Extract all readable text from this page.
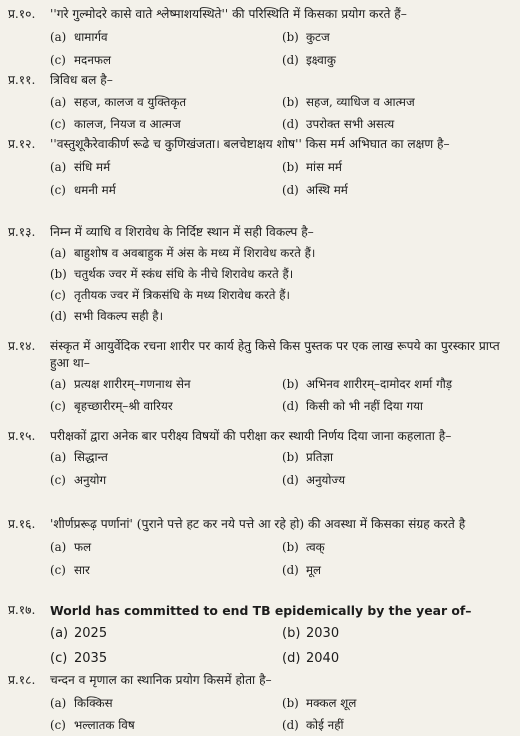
प्र.१०.	''गरे गुल्मोदरे कासे वाते श्लेष्माशयस्थिते'' की परिस्थिति में किसका प्रयोग करते हैं–
(a) धामार्गव	(b) कुटज
(c) मदनफल	(d) इक्ष्वाकु
प्र.११.	त्रिविध बल है–
(a) सहज, कालज व युक्तिकृत	(b) सहज, व्याधिज व आत्मज
(c) कालज, नियज व आत्मज	(d) उपरोक्त सभी असत्य
प्र.१२.	''वस्तुशूकैरेवाकीर्ण रूढे च कुणिखंजता। बलचेष्टाक्षय शोष'' किस मर्म अभिघात का लक्षण है–
(a) संधि मर्म	(b) मांस मर्म
(c) धमनी मर्म	(d) अस्थि मर्म
प्र.१३.	निम्न में व्याधि व शिरावेध के निर्दिष्ट स्थान में सही विकल्प है–
(a) बाहुशोष व अवबाहुक में अंस के मध्य में शिरावेध करते हैं।
(b) चतुर्थक ज्वर में स्कंध संधि के नीचे शिरावेध करते हैं।
(c) तृतीयक ज्वर में त्रिकसंधि के मध्य शिरावेध करते हैं।
(d) सभी विकल्प सही है।
प्र.१४.	संस्कृत में आयुर्वेदिक रचना शारीर पर कार्य हेतु किसे किस पुस्तक पर एक लाख रूपये का पुरस्कार प्राप्त हुआ था–
(a) प्रत्यक्ष शारीरम्–गणनाथ सेन	(b) अभिनव शारीरम्–दामोदर शर्मा गौड़
(c) बृहच्छारीरम्–श्री वारियर	(d) किसी को भी नहीं दिया गया
प्र.१५.	परीक्षकों द्वारा अनेक बार परीक्ष्य विषयों की परीक्षा कर स्थायी निर्णय दिया जाना कहलाता है–
(a) सिद्धान्त	(b) प्रतिज्ञा
(c) अनुयोग	(d) अनुयोज्य
प्र.१६.	'शीर्णप्ररूढ़ पर्णानां' (पुराने पत्ते हट कर नये पत्ते आ रहे हो) की अवस्था में किसका संग्रह करते है
(a) फल	(b) त्वक्
(c) सार	(d) मूल
प्र.१७.	World has committed to end TB epidemically by the year of–
(a) 2025	(b) 2030
(c) 2035	(d) 2040
प्र.१८.	चन्दन व मृणाल का स्थानिक प्रयोग किसमें होता है–
(a) किक्किस	(b) मक्कल शूल
(c) भल्लातक विष	(d) कोई नहीं
